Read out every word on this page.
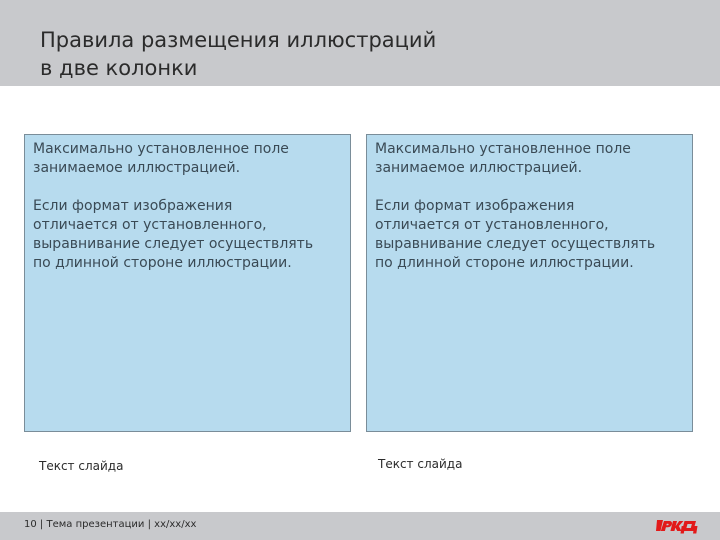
Правила размещения иллюстраций
в две колонки

Максимально установленное поле
занимаемое иллюстрацией.

Если формат изображения
отличается от установленного,
выравнивание следует осуществлять
по длинной стороне иллюстрации.

Максимально установленное поле
занимаемое иллюстрацией.

Если формат изображения
отличается от установленного,
выравнивание следует осуществлять
по длинной стороне иллюстрации.

Текст слайда	Текст слайда
10 | Тема презентации | xx/xx/xx
